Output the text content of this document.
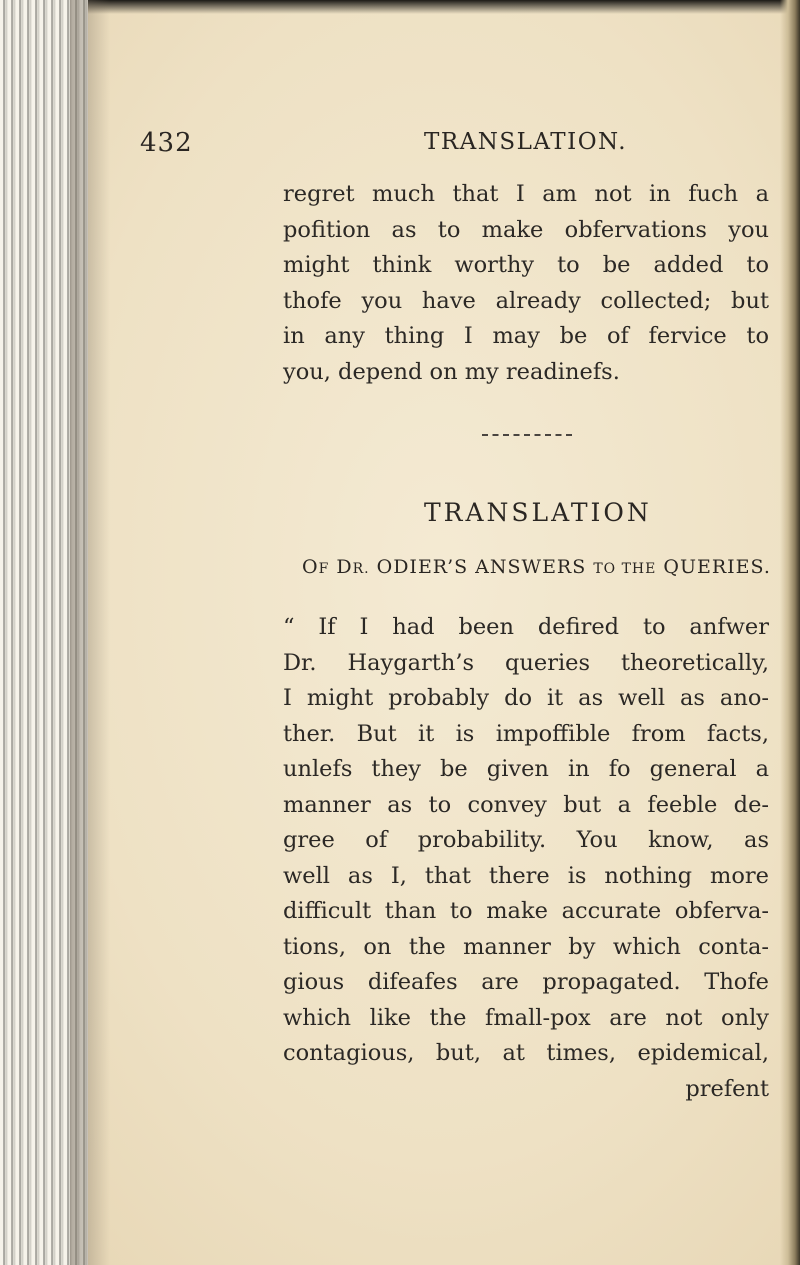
432	TRANSLATION.
regret much that I am not in fuch a
pofition as to make obfervations you
might think worthy to be added to
thofe you have already collected; but
in any thing I may be of fervice to
you, depend on my readinefs.
TRANSLATION
OF DR. ODIER’S ANSWERS TO THE QUERIES.
“ If I had been defired to anfwer
Dr. Haygarth’s queries theoretically,
I might probably do it as well as ano-
ther. But it is impoffible from facts,
unlefs they be given in fo general a
manner as to convey but a feeble de-
gree of probability. You know, as
well as I, that there is nothing more
difficult than to make accurate obferva-
tions, on the manner by which conta-
gious difeafes are propagated. Thofe
which like the fmall-pox are not only
contagious, but, at times, epidemical,
prefent
